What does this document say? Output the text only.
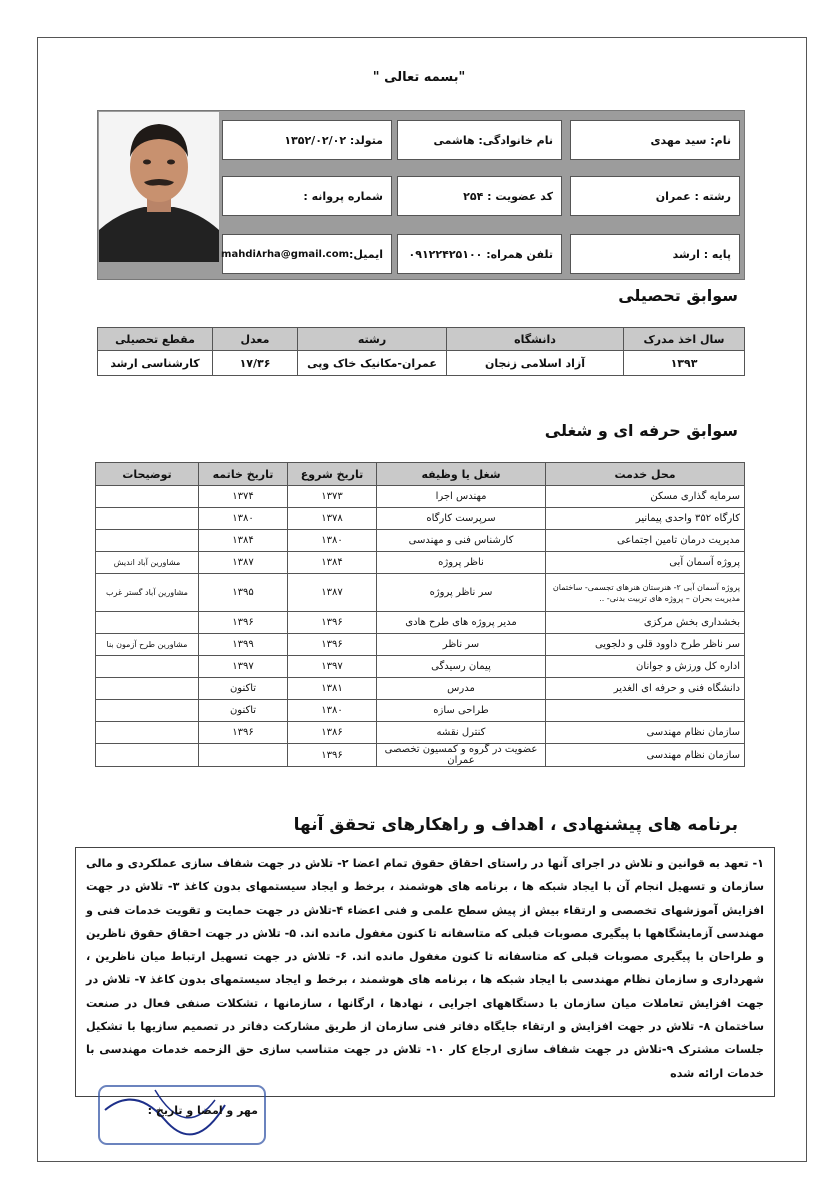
" بسمه تعالی"
نام: سید مهدی
نام خانوادگی: هاشمی
متولد: ۱۳۵۲/۰۲/۰۲
رشته : عمران
کد عضویت : ۲۵۴
شماره پروانه :
پایه : ارشد
تلفن همراه: ۰۹۱۲۲۴۲۵۱۰۰
ایمیل:
mahdi۸rha@gmail.com
سوابق تحصیلی
سال اخذ مدرک	دانشگاه	رشته	معدل	مقطع تحصیلی
۱۳۹۳	آزاد اسلامی زنجان	عمران-مکانیک خاک وپی	۱۷/۳۶	کارشناسی ارشد
سوابق حرفه ای و شغلی
محل خدمت	شغل یا وظیفه	تاریخ شروع	تاریخ خاتمه	توضیحات
سرمایه گذاری مسکن	مهندس اجرا	۱۳۷۳	۱۳۷۴	
کارگاه ۳۵۲ واحدی پیمانیر	سرپرست کارگاه	۱۳۷۸	۱۳۸۰	
مدیریت درمان تامین اجتماعی	کارشناس فنی و مهندسی	۱۳۸۰	۱۳۸۴	
پروژه آسمان آبی	ناظر پروژه	۱۳۸۴	۱۳۸۷	مشاورین آباد اندیش
پروژه آسمان آبی ۲- هنرستان هنرهای تجسمی- ساختمان مدیریت بحران – پروژه های تربیت بدنی- ..	سر ناظر پروژه	۱۳۸۷	۱۳۹۵	مشاورین آباد گستر غرب
بخشداری بخش مرکزی	مدیر پروژه های طرح هادی	۱۳۹۶	۱۳۹۶	
سر ناظر طرح داوود قلی و دلجویی	سر ناظر	۱۳۹۶	۱۳۹۹	مشاورین طرح آزمون بنا
اداره کل ورزش و جوانان	پیمان رسیدگی	۱۳۹۷	۱۳۹۷	
دانشگاه فنی و حرفه ای الغدیر	مدرس	۱۳۸۱	تاکنون	
	طراحی سازه	۱۳۸۰	تاکنون	
سازمان نظام مهندسی	کنترل نقشه	۱۳۸۶	۱۳۹۶	
سازمان نظام مهندسی	عضویت در گروه و کمسیون تخصصی عمران	۱۳۹۶		
برنامه های پیشنهادی ، اهداف و راهکارهای تحقق آنها
۱- تعهد به قوانین و تلاش در اجرای آنها در راستای احقاق حقوق تمام اعضا ۲- تلاش در جهت شفاف سازی عملکردی و مالی سازمان و تسهیل انجام آن با ایجاد شبکه ها ، برنامه های هوشمند ، برخط و ایجاد سیستمهای بدون کاغذ ۳- تلاش در جهت افزایش آموزشهای تخصصی و ارتقاء بیش از پیش سطح علمی و فنی اعضاء ۴-تلاش در جهت حمایت و تقویت خدمات فنی و مهندسی آزمایشگاهها با پیگیری مصوبات قبلی که متاسفانه تا کنون مغفول مانده اند. ۵- تلاش در جهت احقاق حقوق ناظرین و طراحان با پیگیری مصوبات قبلی که متاسفانه تا کنون مغفول مانده اند. ۶- تلاش در جهت تسهیل ارتباط میان ناظرین ، شهرداری و سازمان نظام مهندسی با ایجاد شبکه ها ، برنامه های هوشمند ، برخط و ایجاد سیستمهای بدون کاغذ ۷- تلاش در جهت افزایش تعاملات میان سازمان با دستگاههای اجرایی ، نهادها ، ارگانها ، سازمانها ، تشکلات صنفی فعال در صنعت ساختمان ۸- تلاش در جهت افزایش و ارتقاء جایگاه دفاتر فنی سازمان از طریق مشارکت دفاتر در تصمیم سازیها با تشکیل جلسات مشترک ۹-تلاش در جهت شفاف سازی ارجاع کار ۱۰- تلاش در جهت متناسب سازی حق الزحمه خدمات مهندسی با خدمات ارائه شده
مهر و امضا و تاریخ :
